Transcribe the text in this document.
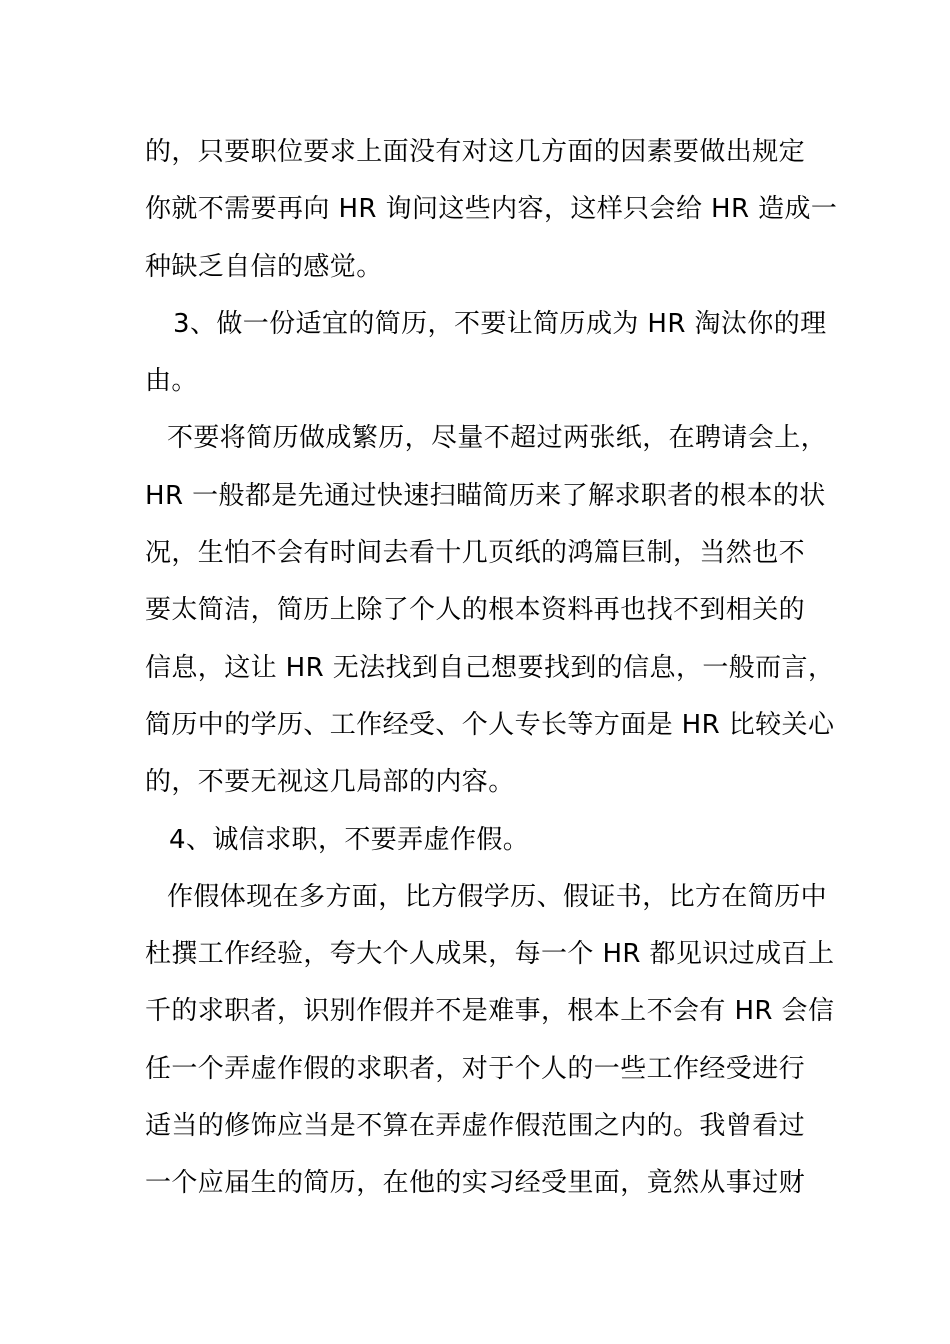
的，只要职位要求上面没有对这几方面的因素要做出规定
你就不需要再向 HR 询问这些内容，这样只会给 HR 造成一
种缺乏自信的感觉。
3、做一份适宜的简历，不要让简历成为 HR 淘汰你的理
由。
不要将简历做成繁历，尽量不超过两张纸，在聘请会上，
HR 一般都是先通过快速扫瞄简历来了解求职者的根本的状
况，生怕不会有时间去看十几页纸的鸿篇巨制，当然也不
要太简洁，简历上除了个人的根本资料再也找不到相关的
信息，这让 HR 无法找到自己想要找到的信息，一般而言，
简历中的学历、工作经受、个人专长等方面是 HR 比较关心
的，不要无视这几局部的内容。
4、诚信求职，不要弄虚作假。
作假体现在多方面，比方假学历、假证书，比方在简历中
杜撰工作经验，夸大个人成果，每一个 HR 都见识过成百上
千的求职者，识别作假并不是难事，根本上不会有 HR 会信
任一个弄虚作假的求职者，对于个人的一些工作经受进行
适当的修饰应当是不算在弄虚作假范围之内的。我曾看过
一个应届生的简历，在他的实习经受里面，竟然从事过财
